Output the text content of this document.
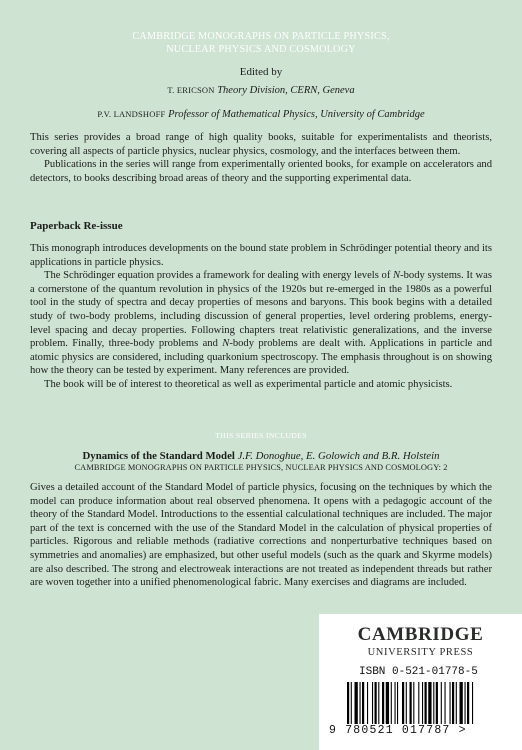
CAMBRIDGE MONOGRAPHS ON PARTICLE PHYSICS,
NUCLEAR PHYSICS AND COSMOLOGY
Edited by
T. ERICSON Theory Division, CERN, Geneva
P.V. LANDSHOFF Professor of Mathematical Physics, University of Cambridge

This series provides a broad range of high quality books, suitable for experimentalists and theorists, covering all aspects of particle physics, nuclear physics, cosmology, and the interfaces between them.

Publications in the series will range from experimentally oriented books, for example on accelerators and detectors, to books describing broad areas of theory and the supporting experimental data.

Paperback Re-issue

This monograph introduces developments on the bound state problem in Schrödinger potential theory and its applications in particle physics.

The Schrödinger equation provides a framework for dealing with energy levels of N-body systems. It was a cornerstone of the quantum revolution in physics of the 1920s but re-emerged in the 1980s as a powerful tool in the study of spectra and decay properties of mesons and baryons. This book begins with a detailed study of two-body problems, including discussion of general properties, level ordering problems, energy-level spacing and decay properties. Following chapters treat relativistic generalizations, and the inverse problem. Finally, three-body problems and N-body problems are dealt with. Applications in particle and atomic physics are considered, including quarkonium spectroscopy. The emphasis throughout is on showing how the theory can be tested by experiment. Many references are provided.

The book will be of interest to theoretical as well as experimental particle and atomic physicists.

THIS SERIES INCLUDES
Dynamics of the Standard Model J.F. Donoghue, E. Golowich and B.R. Holstein
CAMBRIDGE MONOGRAPHS ON PARTICLE PHYSICS, NUCLEAR PHYSICS AND COSMOLOGY: 2

Gives a detailed account of the Standard Model of particle physics, focusing on the techniques by which the model can produce information about real observed phenomena. It opens with a pedagogic account of the theory of the Standard Model. Introductions to the essential calculational techniques are included. The major part of the text is concerned with the use of the Standard Model in the calculation of physical properties of particles. Rigorous and reliable methods (radiative corrections and nonperturbative techniques based on symmetries and anomalies) are emphasized, but other useful models (such as the quark and Skyrme models) are also described. The strong and electroweak interactions are not treated as independent threads but rather are woven together into a unified phenomenological fabric. Many exercises and diagrams are included.

CAMBRIDGE
UNIVERSITY PRESS
ISBN 0-521-01778-5
9 780521 017787 >
